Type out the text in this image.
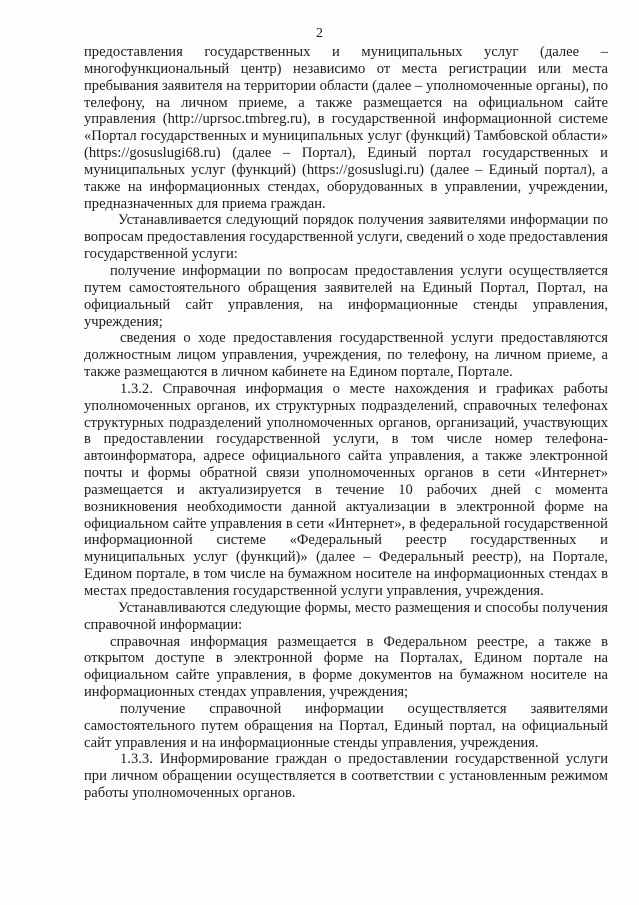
2

предоставления государственных и муниципальных услуг (далее – многофункциональный центр) независимо от места регистрации или места пребывания заявителя на территории области (далее – уполномоченные органы), по телефону, на личном приеме, а также размещается на официальном сайте управления (http://uprsoc.tmbreg.ru), в государственной информационной системе «Портал государственных и муниципальных услуг (функций) Тамбовской области» (https://gosuslugi68.ru) (далее – Портал), Единый портал государственных и муниципальных услуг (функций) (https://gosuslugi.ru) (далее – Единый портал), а также на информационных стендах, оборудованных в управлении, учреждении, предназначенных для приема граждан.

Устанавливается следующий порядок получения заявителями информации по вопросам предоставления государственной услуги, сведений о ходе предоставления государственной услуги:

получение информации по вопросам предоставления услуги осуществляется путем самостоятельного обращения заявителей на Единый Портал, Портал, на официальный сайт управления, на информационные стенды управления, учреждения;

сведения о ходе предоставления государственной услуги предоставляются должностным лицом управления, учреждения, по телефону, на личном приеме, а также размещаются в личном кабинете на Едином портале, Портале.

1.3.2. Справочная информация о месте нахождения и графиках работы уполномоченных органов, их структурных подразделений, справочных телефонах структурных подразделений уполномоченных органов, организаций, участвующих в предоставлении государственной услуги, в том числе номер телефона-автоинформатора, адресе официального сайта управления, а также электронной почты и формы обратной связи уполномоченных органов в сети «Интернет» размещается и актуализируется в течение 10 рабочих дней с момента возникновения необходимости данной актуализации в электронной форме на официальном сайте управления в сети «Интернет», в федеральной государственной информационной системе «Федеральный реестр государственных и муниципальных услуг (функций)» (далее – Федеральный реестр), на Портале, Едином портале, в том числе на бумажном носителе на информационных стендах в местах предоставления государственной услуги управления, учреждения.

Устанавливаются следующие формы, место размещения и способы получения справочной информации:

справочная информация размещается в Федеральном реестре, а также в открытом доступе в электронной форме на Порталах, Едином портале на официальном сайте управления, в форме документов на бумажном носителе на информационных стендах управления, учреждения;

получение справочной информации осуществляется заявителями самостоятельного путем обращения на Портал, Единый портал, на официальный сайт управления и на информационные стенды управления, учреждения.

1.3.3. Информирование граждан о предоставлении государственной услуги при личном обращении осуществляется в соответствии с установленным режимом работы уполномоченных органов.
